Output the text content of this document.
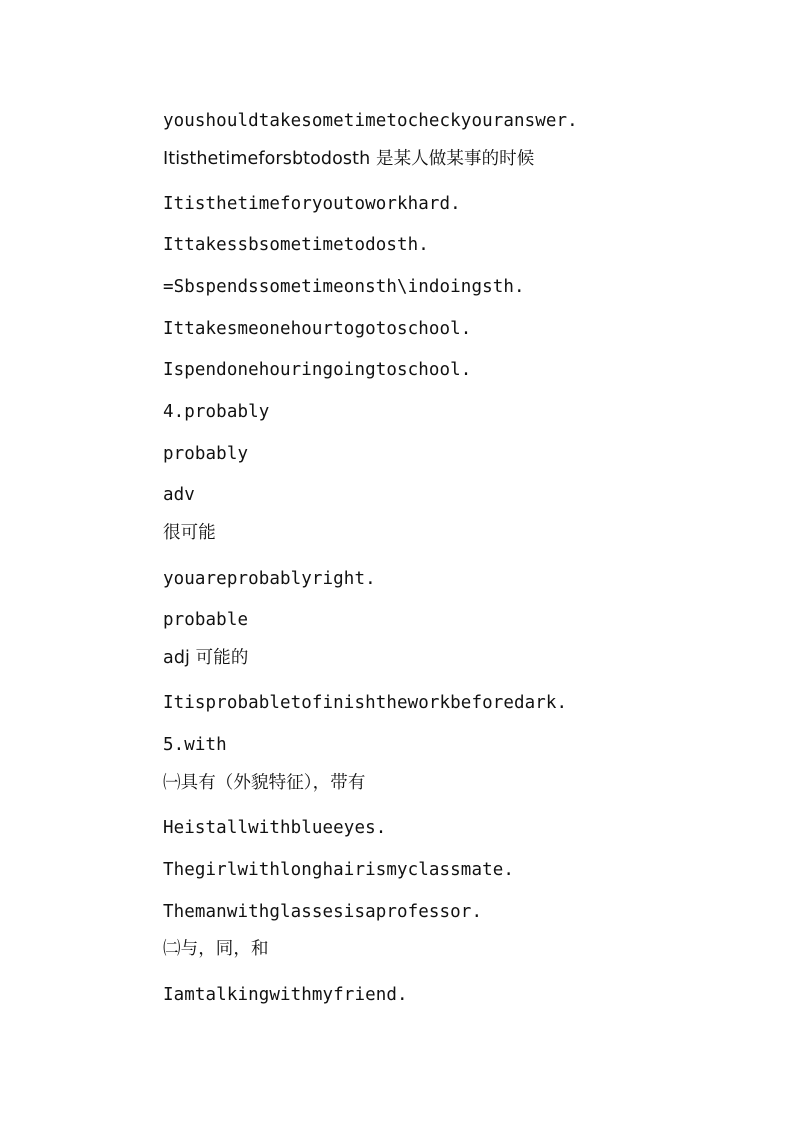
youshouldtakesometimetocheckyouranswer.
Itisthetimeforsbtodosth 是某人做某事的时候
Itisthetimeforyoutoworkhard.
Ittakessbsometimetodosth.
=Sbspendssometimeonsth\indoingsth.
Ittakesmeonehourtogotoschool.
Ispendonehouringoingtoschool.
4.probably
probably
adv
很可能
youareprobablyright.
probable
adj 可能的
Itisprobabletofinishtheworkbeforedark.
5.with
㈠具有（外貌特征），带有
Heistallwithblueeyes.
Thegirlwithlonghairismyclassmate.
Themanwithglassesisaprofessor.
㈡与，同，和
Iamtalkingwithmyfriend.
